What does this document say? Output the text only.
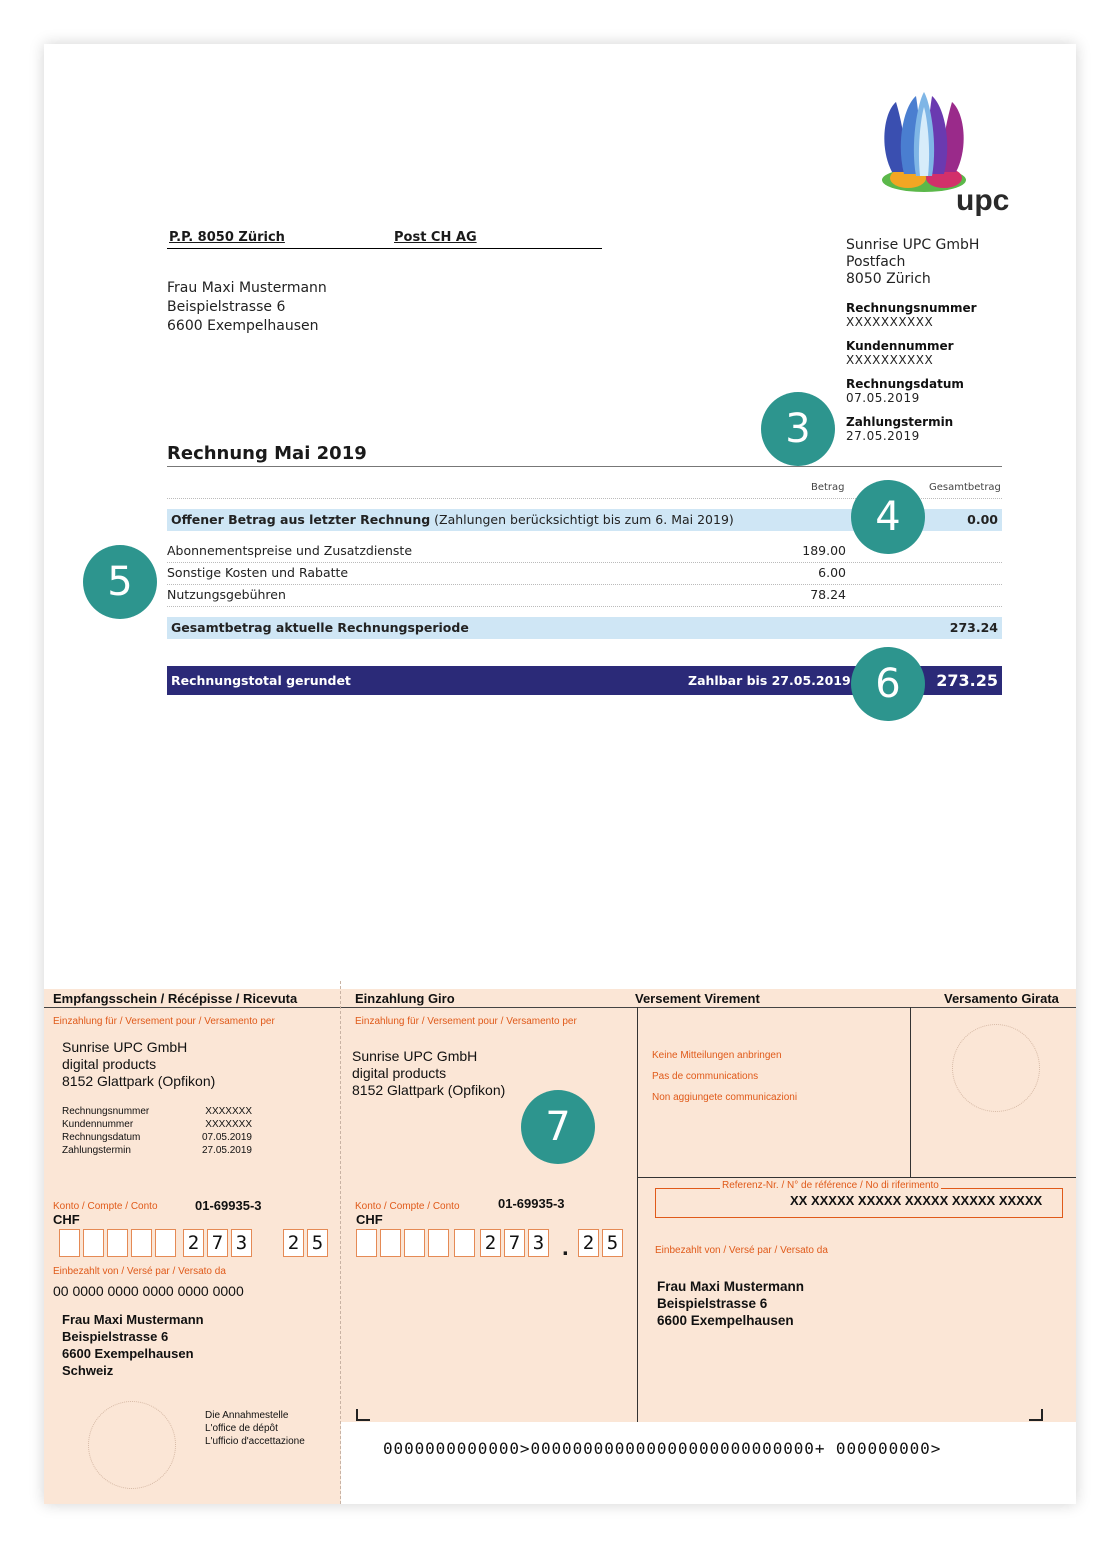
upc
P.P. 8050 Zürich	Post CH AG
Frau Maxi Mustermann
Beispielstrasse 6
6600 Exempelhausen
Sunrise UPC GmbH
Postfach
8050 Zürich
Rechnungsnummer
XXXXXXXXXX
Kundennummer
XXXXXXXXXX
Rechnungsdatum
07.05.2019
Zahlungstermin
27.05.2019
Rechnung Mai 2019
Betrag	Gesamtbetrag
Offener Betrag aus letzter Rechnung (Zahlungen berücksichtigt bis zum 6. Mai 2019)	0.00
Abonnementspreise und Zusatzdienste	189.00
Sonstige Kosten und Rabatte	6.00
Nutzungsgebühren	78.24
Gesamtbetrag aktuelle Rechnungsperiode	273.24
Rechnungstotal gerundet	Zahlbar bis 27.05.2019	273.25
3
4
5
6
Empfangsschein / Récépisse / Ricevuta	Einzahlung Giro	Versement Virement	Versamento Girata
Einzahlung für / Versement pour / Versamento per
Sunrise UPC GmbH
digital products
8152 Glattpark (Opfikon)
Rechnungsnummer	XXXXXXX
Kundennummer	XXXXXXX
Rechnungsdatum	07.05.2019
Zahlungstermin	27.05.2019
Konto / Compte / Conto	01-69935-3
CHF
2 7 3 2 5
Einbezahlt von / Versé par / Versato da
00 0000 0000 0000 0000 0000
Frau Maxi Mustermann
Beispielstrasse 6
6600 Exempelhausen
Schweiz
Die Annahmestelle
L'office de dépôt
L'ufficio d'accettazione
Einzahlung für / Versement pour / Versamento per
Sunrise UPC GmbH
digital products
8152 Glattpark (Opfikon)
Konto / Compte / Conto	01-69935-3
CHF
2 7 3 . 2 5
Keine Mitteilungen anbringen
Pas de communications
Non aggiungete communicazioni
Referenz-Nr. / N° de référence / No di riferimento
XX XXXXX XXXXX XXXXX XXXXX XXXXX
Einbezahlt von / Versé par / Versato da
Frau Maxi Mustermann
Beispielstrasse 6
6600 Exempelhausen
0000000000000>000000000000000000000000000+ 000000000>
7
